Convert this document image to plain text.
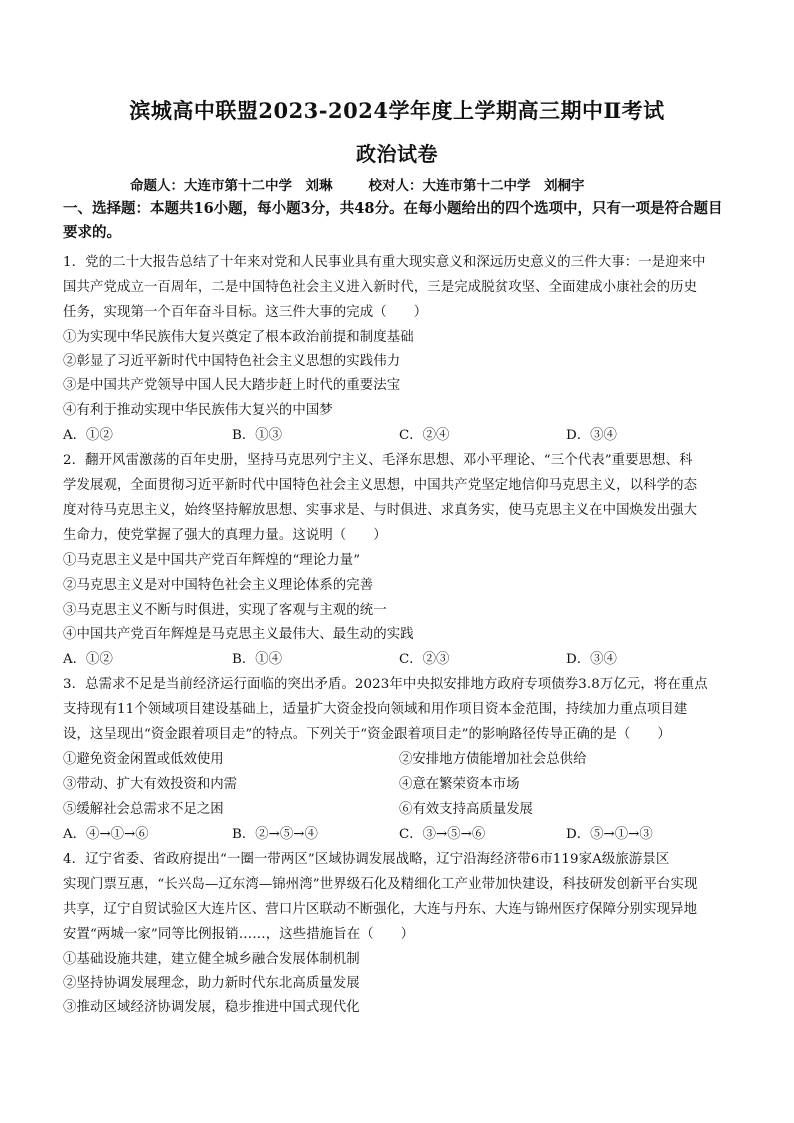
滨城高中联盟2023-2024学年度上学期高三期中Ⅱ考试
政治试卷
命题人：大连市第十二中学　刘琳	校对人：大连市第十二中学　刘桐宇
一、选择题：本题共16小题，每小题3分，共48分。在每小题给出的四个选项中，只有一项是符合题目要求的。
1．党的二十大报告总结了十年来对党和人民事业具有重大现实意义和深远历史意义的三件大事：一是迎来中
国共产党成立一百周年，二是中国特色社会主义进入新时代，三是完成脱贫攻坚、全面建成小康社会的历史
任务，实现第一个百年奋斗目标。这三件大事的完成（　　）
①为实现中华民族伟大复兴奠定了根本政治前提和制度基础
②彰显了习近平新时代中国特色社会主义思想的实践伟力
③是中国共产党领导中国人民大踏步赶上时代的重要法宝
④有利于推动实现中华民族伟大复兴的中国梦
A．①②	B．①③	C．②④	D．③④
2．翻开风雷激荡的百年史册，坚持马克思列宁主义、毛泽东思想、邓小平理论、“三个代表”重要思想、科
学发展观，全面贯彻习近平新时代中国特色社会主义思想，中国共产党坚定地信仰马克思主义，以科学的态
度对待马克思主义，始终坚持解放思想、实事求是、与时俱进、求真务实，使马克思主义在中国焕发出强大
生命力，使党掌握了强大的真理力量。这说明（　　）
①马克思主义是中国共产党百年辉煌的“理论力量”
②马克思主义是对中国特色社会主义理论体系的完善
③马克思主义不断与时俱进，实现了客观与主观的统一
④中国共产党百年辉煌是马克思主义最伟大、最生动的实践
A．①②	B．①④	C．②③	D．③④
3．总需求不足是当前经济运行面临的突出矛盾。2023年中央拟安排地方政府专项债券3.8万亿元，将在重点
支持现有11个领域项目建设基础上，适量扩大资金投向领域和用作项目资本金范围，持续加力重点项目建
设，这呈现出“资金跟着项目走”的特点。下列关于“资金跟着项目走”的影响路径传导正确的是（　　）
①避免资金闲置或低效使用	②安排地方债能增加社会总供给
③带动、扩大有效投资和内需	④意在繁荣资本市场
⑤缓解社会总需求不足之困	⑥有效支持高质量发展
A．④→①→⑥	B．②→⑤→④	C．③→⑤→⑥	D．⑤→①→③
4．辽宁省委、省政府提出“一圈一带两区”区域协调发展战略，辽宁沿海经济带6市119家A级旅游景区
实现门票互惠，“长兴岛—辽东湾—锦州湾”世界级石化及精细化工产业带加快建设，科技研发创新平台实现
共享，辽宁自贸试验区大连片区、营口片区联动不断强化，大连与丹东、大连与锦州医疗保障分别实现异地
安置“两城一家”同等比例报销……，这些措施旨在（　　）
①基础设施共建，建立健全城乡融合发展体制机制
②坚持协调发展理念，助力新时代东北高质量发展
③推动区域经济协调发展，稳步推进中国式现代化
